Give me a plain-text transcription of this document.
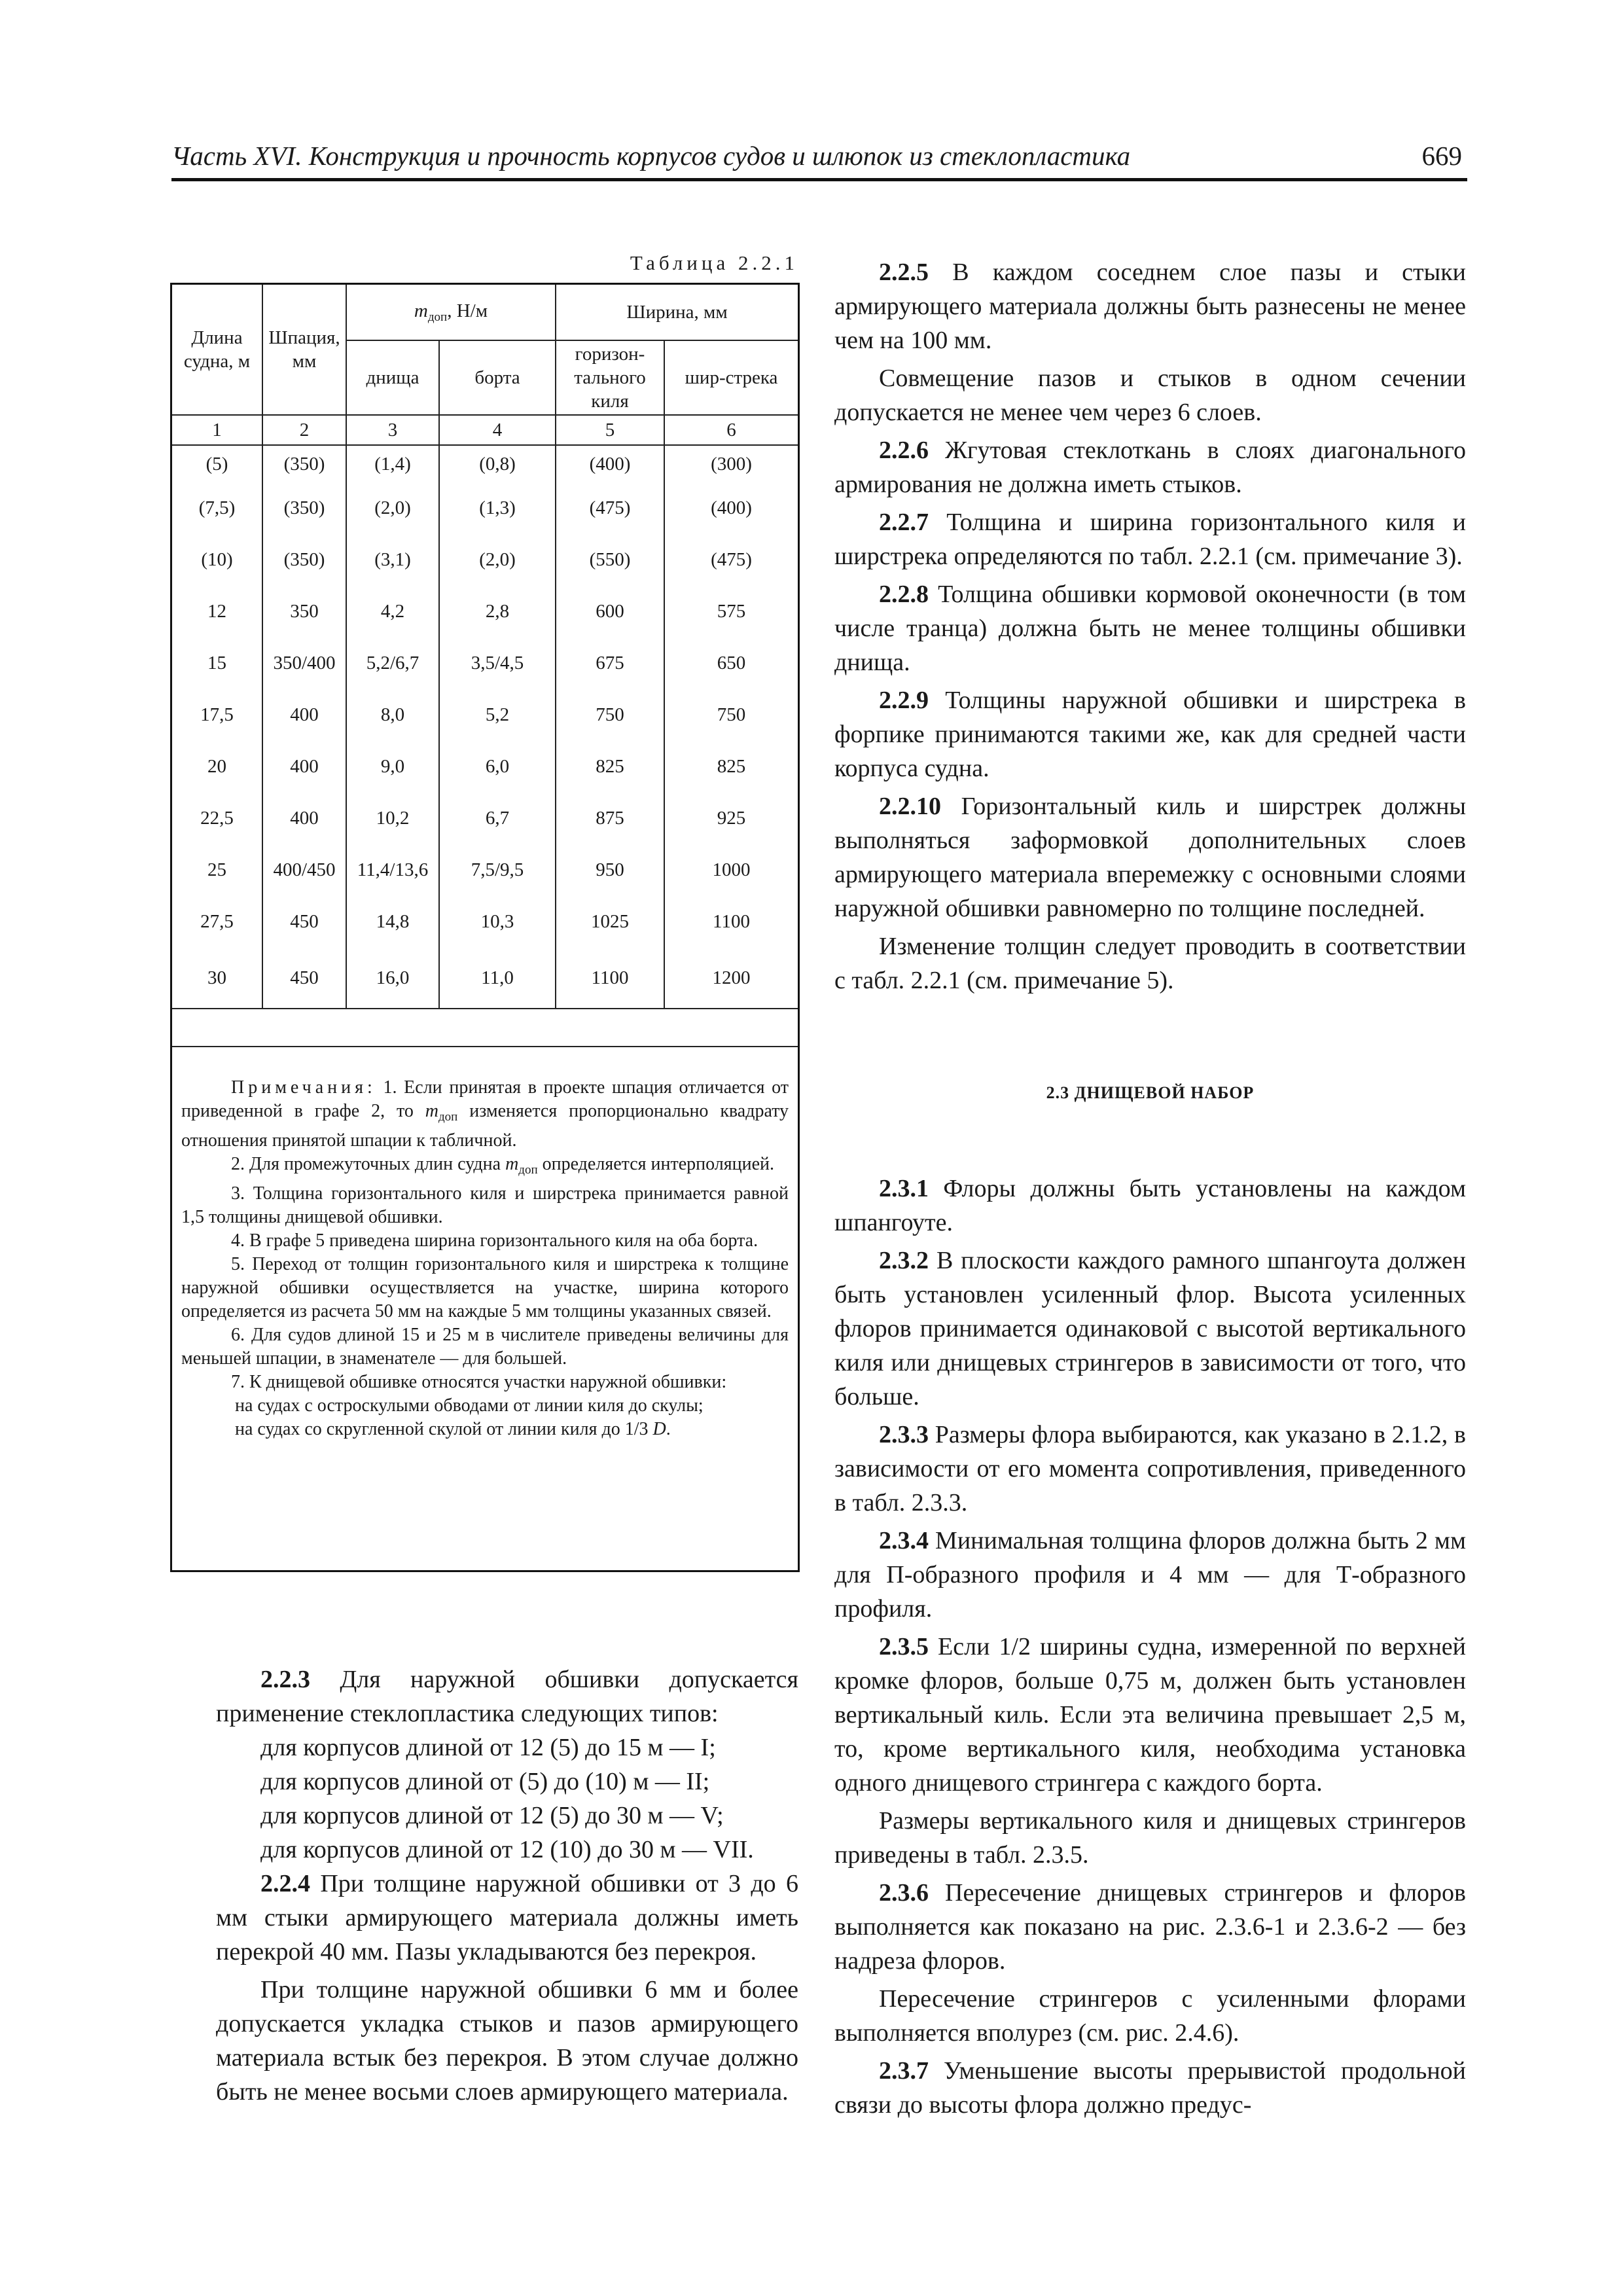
Часть XVI. Конструкция и прочность корпусов судов и шлюпок из стеклопластика	669
Таблица 2.2.1
Длина судна, м	Шпация, мм	$m_{доп}$, Н/м		Ширина, мм	
		днища	борта	горизон-тального киля	шир-стрека
1	2	3	4	5	6
(5)	(350)	(1,4)	(0,8)	(400)	(300)
(7,5)	(350)	(2,0)	(1,3)	(475)	(400)
(10)	(350)	(3,1)	(2,0)	(550)	(475)
12	350	4,2	2,8	600	575
15	350/400	5,2/6,7	3,5/4,5	675	650
17,5	400	8,0	5,2	750	750
20	400	9,0	6,0	825	825
22,5	400	10,2	6,7	875	925
25	400/450	11,4/13,6	7,5/9,5	950	1000
27,5	450	14,8	10,3	1025	1100
30	450	16,0	11,0	1100	1200

Примечания: 1. Если принятая в проекте шпация отличается от приведенной в графе 2, то $m_{доп}$ изменяется пропорционально квадрату отношения принятой шпации к табличной.

2. Для промежуточных длин судна $m_{доп}$ определяется интерполяцией.

3. Толщина горизонтального киля и ширстрека принимается равной 1,5 толщины днищевой обшивки.

4. В графе 5 приведена ширина горизонтального киля на оба борта.

5. Переход от толщин горизонтального киля и ширстрека к толщине наружной обшивки осуществляется на участке, ширина которого определяется из расчета 50 мм на каждые 5 мм толщины указанных связей.

6. Для судов длиной 15 и 25 м в числителе приведены величины для меньшей шпации, в знаменателе — для большей.

7. К днищевой обшивке относятся участки наружной обшивки:

на судах с острoскулыми обводами от линии киля до скулы;

на судах со скругленной скулой от линии киля до 1/3 D.

2.2.3 Для наружной обшивки допускается применение стеклопластика следующих типов:

для корпусов длиной от 12 (5) до 15 м — I;

для корпусов длиной от (5) до (10) м — II;

для корпусов длиной от 12 (5) до 30 м — V;

для корпусов длиной от 12 (10) до 30 м — VII.

2.2.4 При толщине наружной обшивки от 3 до 6 мм стыки армирующего материала должны иметь перекрой 40 мм. Пазы укладываются без перекроя.

При толщине наружной обшивки 6 мм и более допускается укладка стыков и пазов армирующего материала встык без перекроя. В этом случае должно быть не менее восьми слоев армирующего материала.

2.2.5 В каждом соседнем слое пазы и стыки армирующего материала должны быть разнесены не менее чем на 100 мм.

Совмещение пазов и стыков в одном сечении допускается не менее чем через 6 слоев.

2.2.6 Жгутовая стеклоткань в слоях диагонального армирования не должна иметь стыков.

2.2.7 Толщина и ширина горизонтального киля и ширстрека определяются по табл. 2.2.1 (см. примечание 3).

2.2.8 Толщина обшивки кормовой оконечности (в том числе транца) должна быть не менее толщины обшивки днища.

2.2.9 Толщины наружной обшивки и ширстрека в форпике принимаются такими же, как для средней части корпуса судна.

2.2.10 Горизонтальный киль и ширстрек должны выполняться заформовкой дополнительных слоев армирующего материала вперемежку с основными слоями наружной обшивки равномерно по толщине последней.

Изменение толщин следует проводить в соответствии с табл. 2.2.1 (см. примечание 5).

2.3 ДНИЩЕВОЙ НАБОР

2.3.1 Флоры должны быть установлены на каждом шпангоуте.

2.3.2 В плоскости каждого рамного шпангоута должен быть установлен усиленный флор. Высота усиленных флоров принимается одинаковой с высотой вертикального киля или днищевых стрингеров в зависимости от того, что больше.

2.3.3 Размеры флора выбираются, как указано в 2.1.2, в зависимости от его момента сопротивления, приведенного в табл. 2.3.3.

2.3.4 Минимальная толщина флоров должна быть 2 мм для П-образного профиля и 4 мм — для Т-образного профиля.

2.3.5 Если 1/2 ширины судна, измеренной по верхней кромке флоров, больше 0,75 м, должен быть установлен вертикальный киль. Если эта величина превышает 2,5 м, то, кроме вертикального киля, необходима установка одного днищевого стрингера с каждого борта.

Размеры вертикального киля и днищевых стрингеров приведены в табл. 2.3.5.

2.3.6 Пересечение днищевых стрингеров и флоров выполняется как показано на рис. 2.3.6-1 и 2.3.6-2 — без надреза флоров.

Пересечение стрингеров с усиленными флорами выполняется вполурез (см. рис. 2.4.6).

2.3.7 Уменьшение высоты прерывистой продольной связи до высоты флора должно предус-
